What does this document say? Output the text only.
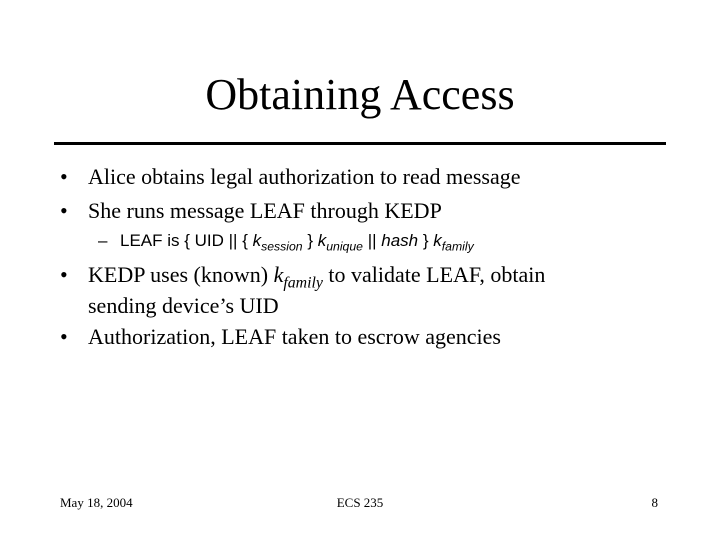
Obtaining Access
• Alice obtains legal authorization to read message
• She runs message LEAF through KEDP
– LEAF is { UID || { $k_{session}$ } $k_{unique}$ || hash } $k_{family}$
• KEDP uses (known) $k_{family}$ to validate LEAF, obtain
sending device’s UID
• Authorization, LEAF taken to escrow agencies
May 18, 2004	ECS 235	8
